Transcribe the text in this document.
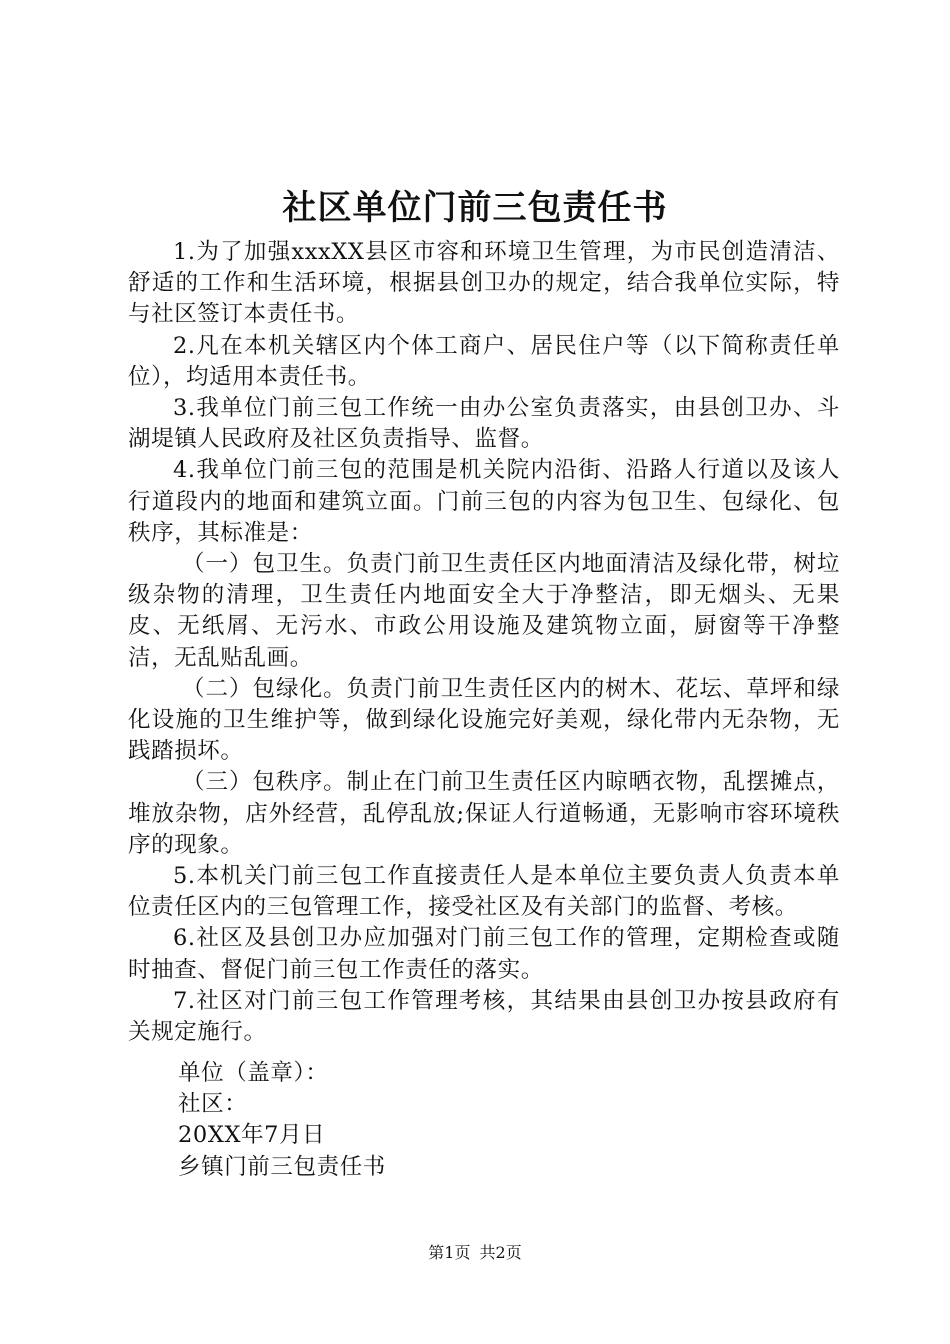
社区单位门前三包责任书

1.为了加强xxxXX县区市容和环境卫生管理，为市民创造清洁、舒适的工作和生活环境，根据县创卫办的规定，结合我单位实际，特与社区签订本责任书。

2.凡在本机关辖区内个体工商户、居民住户等（以下简称责任单位），均适用本责任书。

3.我单位门前三包工作统一由办公室负责落实，由县创卫办、斗湖堤镇人民政府及社区负责指导、监督。

4.我单位门前三包的范围是机关院内沿街、沿路人行道以及该人行道段内的地面和建筑立面。门前三包的内容为包卫生、包绿化、包秩序，其标准是：

（一）包卫生。负责门前卫生责任区内地面清洁及绿化带，树垃级杂物的清理，卫生责任内地面安全大于净整洁，即无烟头、无果皮、无纸屑、无污水、市政公用设施及建筑物立面，厨窗等干净整洁，无乱贴乱画。

（二）包绿化。负责门前卫生责任区内的树木、花坛、草坪和绿化设施的卫生维护等，做到绿化设施完好美观，绿化带内无杂物，无践踏损坏。

（三）包秩序。制止在门前卫生责任区内晾晒衣物，乱摆摊点，堆放杂物，店外经营，乱停乱放;保证人行道畅通，无影响市容环境秩序的现象。

5.本机关门前三包工作直接责任人是本单位主要负责人负责本单位责任区内的三包管理工作，接受社区及有关部门的监督、考核。

6.社区及县创卫办应加强对门前三包工作的管理，定期检查或随时抽查、督促门前三包工作责任的落实。

7.社区对门前三包工作管理考核，其结果由县创卫办按县政府有关规定施行。

单位（盖章）：
社区：
20XX年7月日
乡镇门前三包责任书
第1页 共2页
